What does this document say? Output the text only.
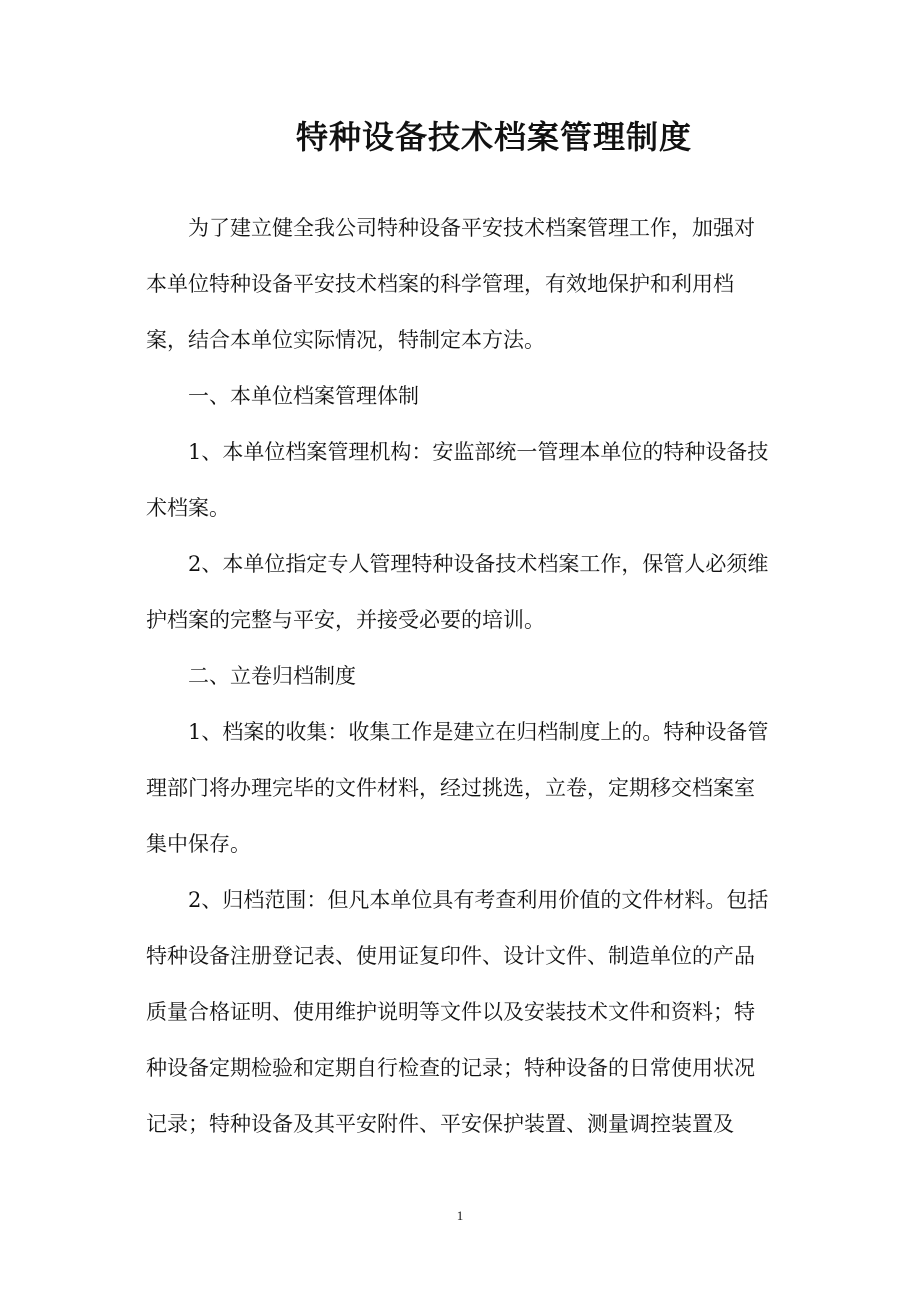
特种设备技术档案管理制度

为了建立健全我公司特种设备平安技术档案管理工作，加强对本单位特种设备平安技术档案的科学管理，有效地保护和利用档案，结合本单位实际情况，特制定本方法。

一、本单位档案管理体制

1、本单位档案管理机构：安监部统一管理本单位的特种设备技术档案。

2、本单位指定专人管理特种设备技术档案工作，保管人必须维护档案的完整与平安，并接受必要的培训。

二、立卷归档制度

1、档案的收集：收集工作是建立在归档制度上的。特种设备管理部门将办理完毕的文件材料，经过挑选，立卷，定期移交档案室集中保存。

2、归档范围：但凡本单位具有考查利用价值的文件材料。包括特种设备注册登记表、使用证复印件、设计文件、制造单位的产品质量合格证明、使用维护说明等文件以及安装技术文件和资料；特种设备定期检验和定期自行检查的记录；特种设备的日常使用状况记录；特种设备及其平安附件、平安保护装置、测量调控装置及

1
